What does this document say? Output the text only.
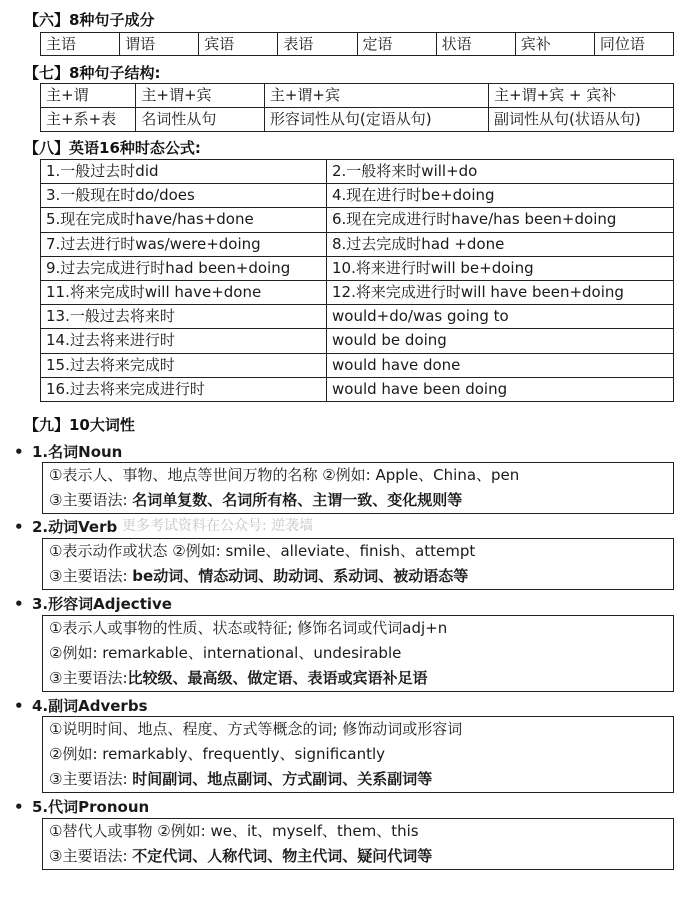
【六】8种句子成分
主语	谓语	宾语	表语	定语	状语	宾补	同位语
【七】8种句子结构:
主+谓	主+谓+宾	主+谓+宾	主+谓+宾 + 宾补
主+系+表	名词性从句	形容词性从句(定语从句)	副词性从句(状语从句)
【八】英语16种时态公式:
1.一般过去时did	2.一般将来时will+do
3.一般现在时do/does	4.现在进行时be+doing
5.现在完成时have/has+done	6.现在完成进行时have/has been+doing
7.过去进行时was/were+doing	8.过去完成时had +done
9.过去完成进行时had been+doing	10.将来进行时will be+doing
11.将来完成时will have+done	12.将来完成进行时will have been+doing
13.一般过去将来时	would+do/was going to
14.过去将来进行时	would be doing
15.过去将来完成时	would have done
16.过去将来完成进行时	would have been doing
【九】10大词性
• 1.名词Noun
①表示人、事物、地点等世间万物的名称 ②例如: Apple、China、pen
③主要语法: 名词单复数、名词所有格、主谓一致、变化规则等
更多考试资料在公众号: 逆袭墙
• 2.动词Verb
①表示动作或状态 ②例如: smile、alleviate、finish、attempt
③主要语法: be动词、情态动词、助动词、系动词、被动语态等
• 3.形容词Adjective
①表示人或事物的性质、状态或特征; 修饰名词或代词adj+n
②例如: remarkable、international、undesirable
③主要语法:比较级、最高级、做定语、表语或宾语补足语
• 4.副词Adverbs
①说明时间、地点、程度、方式等概念的词; 修饰动词或形容词
②例如: remarkably、frequently、significantly
③主要语法: 时间副词、地点副词、方式副词、关系副词等
• 5.代词Pronoun
①替代人或事物 ②例如: we、it、myself、them、this
③主要语法: 不定代词、人称代词、物主代词、疑问代词等
